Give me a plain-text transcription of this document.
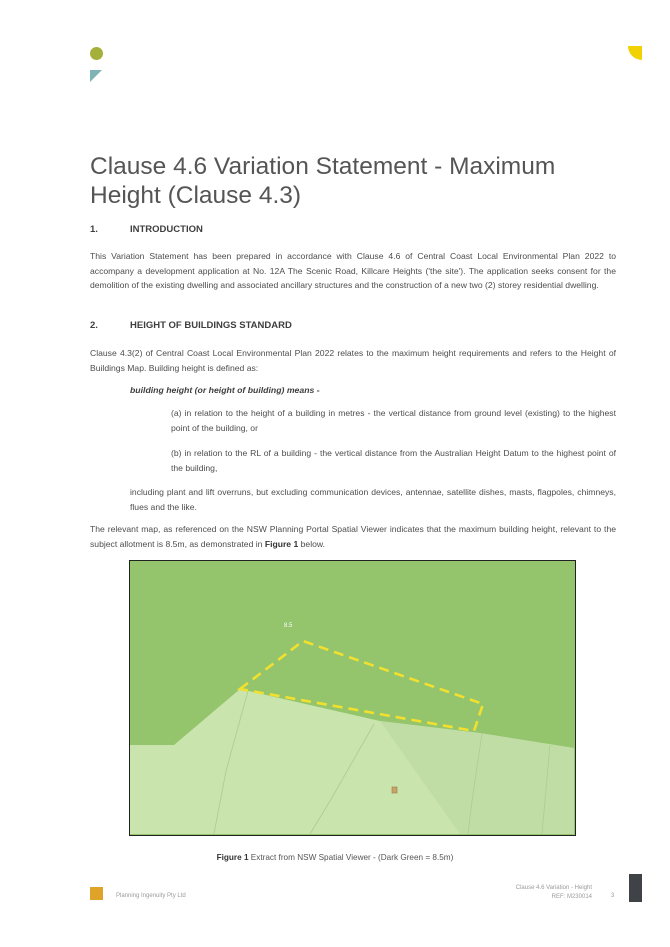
Clause 4.6 Variation Statement - Maximum Height (Clause 4.3)
1.	INTRODUCTION

This Variation Statement has been prepared in accordance with Clause 4.6 of Central Coast Local Environmental Plan 2022 to accompany a development application at No. 12A The Scenic Road, Killcare Heights ('the site'). The application seeks consent for the demolition of the existing dwelling and associated ancillary structures and the construction of a new two (2) storey residential dwelling.

2.	HEIGHT OF BUILDINGS STANDARD

Clause 4.3(2) of Central Coast Local Environmental Plan 2022 relates to the maximum height requirements and refers to the Height of Buildings Map. Building height is defined as:

building height (or height of building) means -

(a) in relation to the height of a building in metres - the vertical distance from ground level (existing) to the highest point of the building, or

(b) in relation to the RL of a building - the vertical distance from the Australian Height Datum to the highest point of the building,

including plant and lift overruns, but excluding communication devices, antennae, satellite dishes, masts, flagpoles, chimneys, flues and the like.

The relevant map, as referenced on the NSW Planning Portal Spatial Viewer indicates that the maximum building height, relevant to the subject allotment is 8.5m, as demonstrated in Figure 1 below.

8.5
Figure 1 Extract from NSW Spatial Viewer - (Dark Green = 8.5m)
Planning Ingenuity Pty Ltd
Clause 4.6 Variation - Height
REF: M230014	3
